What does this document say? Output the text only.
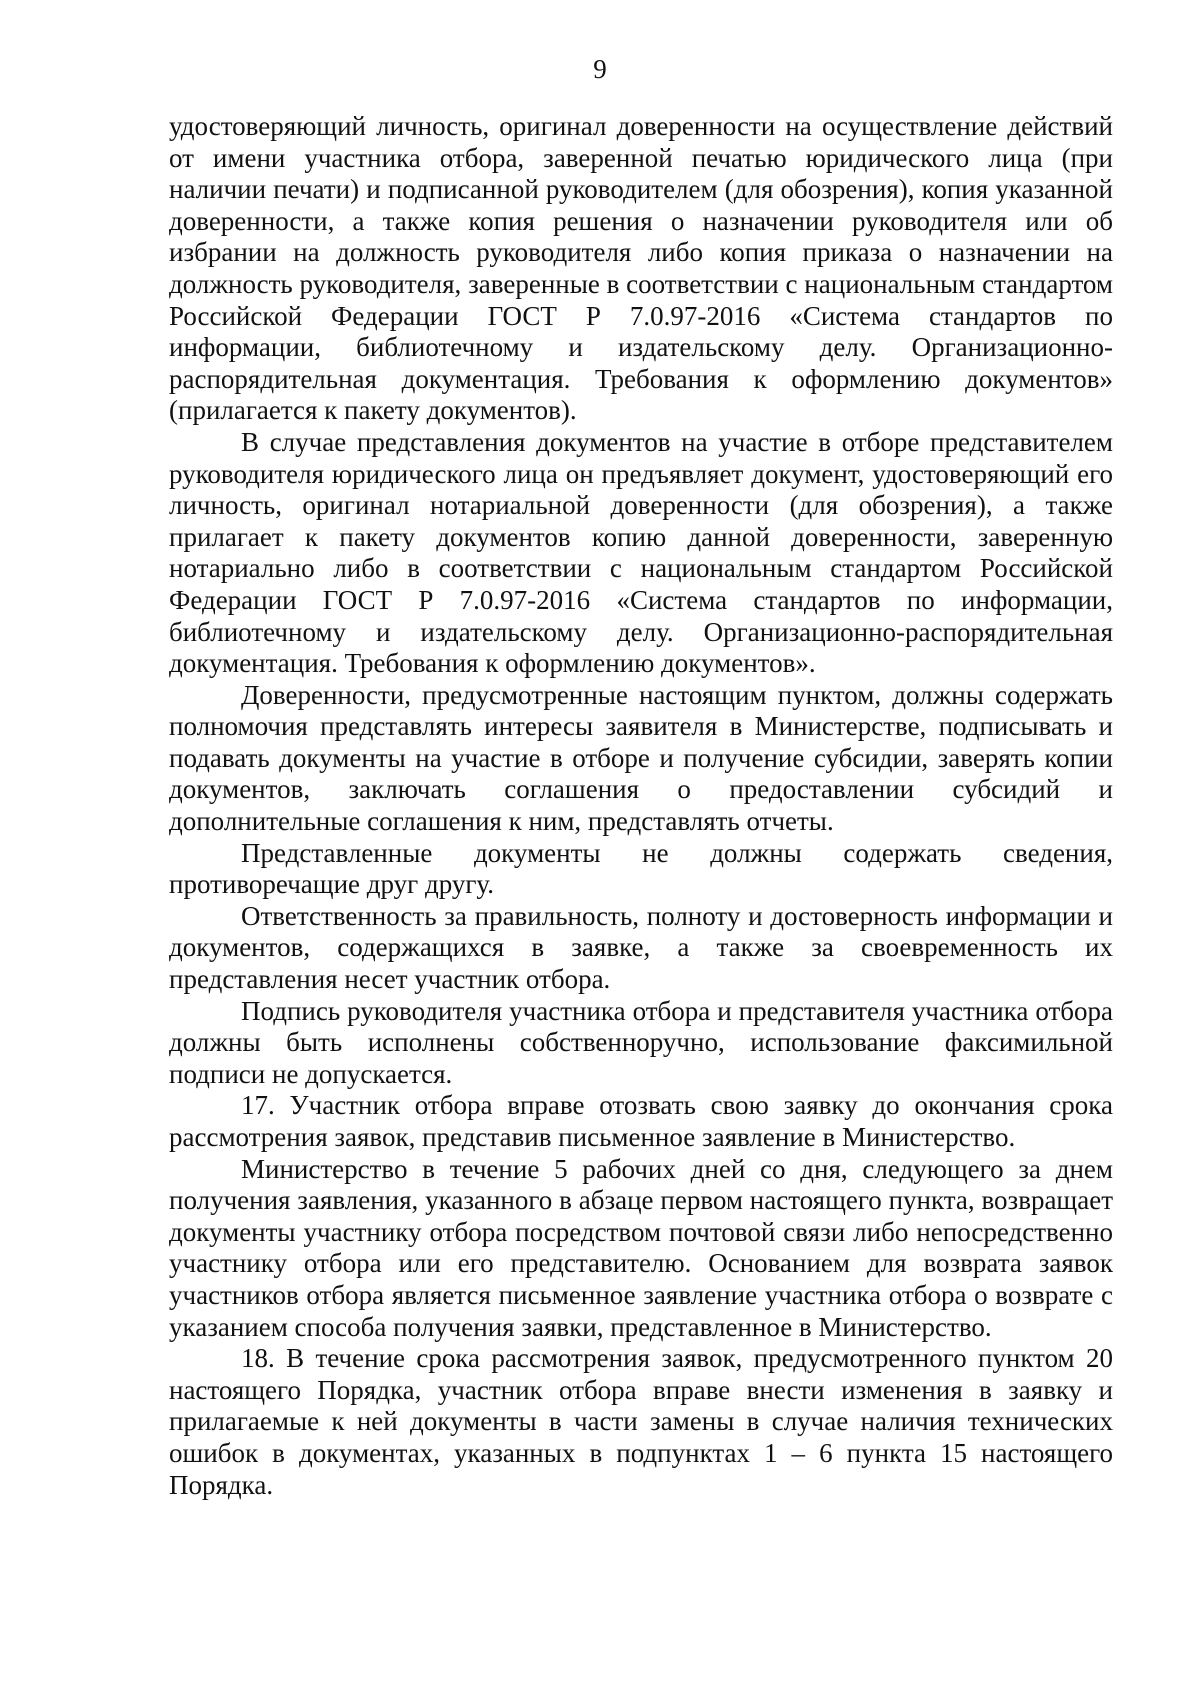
9

удостоверяющий личность, оригинал доверенности на осуществление действий от имени участника отбора, заверенной печатью юридического лица (при наличии печати) и подписанной руководителем (для обозрения), копия указанной доверенности, а также копия решения о назначении руководителя или об избрании на должность руководителя либо копия приказа о назначении на должность руководителя, заверенные в соответствии с национальным стандартом Российской Федерации ГОСТ Р 7.0.97-2016 «Система стандартов по информации, библиотечному и издательскому делу. Организационно-распорядительная документация. Требования к оформлению документов» (прилагается к пакету документов).

В случае представления документов на участие в отборе представителем руководителя юридического лица он предъявляет документ, удостоверяющий его личность, оригинал нотариальной доверенности (для обозрения), а также прилагает к пакету документов копию данной доверенности, заверенную нотариально либо в соответствии с национальным стандартом Российской Федерации ГОСТ Р 7.0.97-2016 «Система стандартов по информации, библиотечному и издательскому делу. Организационно-распорядительная документация. Требования к оформлению документов».

Доверенности, предусмотренные настоящим пунктом, должны содержать полномочия представлять интересы заявителя в Министерстве, подписывать и подавать документы на участие в отборе и получение субсидии, заверять копии документов, заключать соглашения о предоставлении субсидий и дополнительные соглашения к ним, представлять отчеты.

Представленные документы не должны содержать сведения, противоречащие друг другу.

Ответственность за правильность, полноту и достоверность информации и документов, содержащихся в заявке, а также за своевременность их представления несет участник отбора.

Подпись руководителя участника отбора и представителя участника отбора должны быть исполнены собственноручно, использование факсимильной подписи не допускается.

17. Участник отбора вправе отозвать свою заявку до окончания срока рассмотрения заявок, представив письменное заявление в Министерство.

Министерство в течение 5 рабочих дней со дня, следующего за днем получения заявления, указанного в абзаце первом настоящего пункта, возвращает документы участнику отбора посредством почтовой связи либо непосредственно участнику отбора или его представителю. Основанием для возврата заявок участников отбора является письменное заявление участника отбора о возврате с указанием способа получения заявки, представленное в Министерство.

18. В течение срока рассмотрения заявок, предусмотренного пунктом 20 настоящего Порядка, участник отбора вправе внести изменения в заявку и прилагаемые к ней документы в части замены в случае наличия технических ошибок в документах, указанных в подпунктах 1 – 6 пункта 15 настоящего Порядка.
